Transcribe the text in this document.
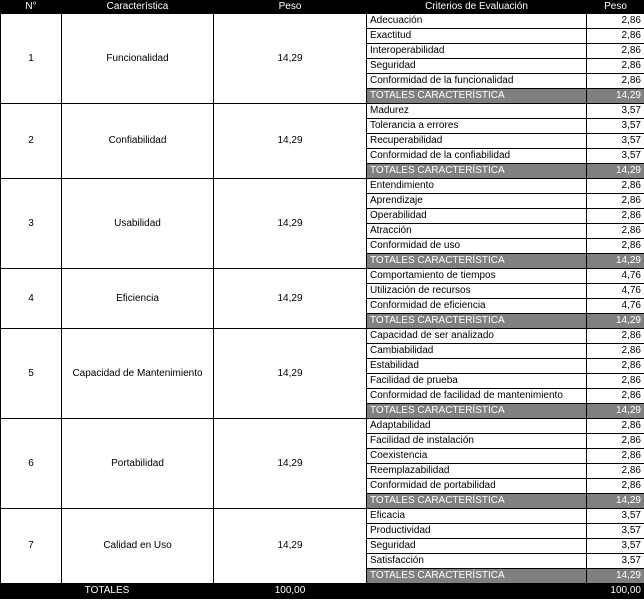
N°	Característica	Peso	Criterios de Evaluación	Peso
1	Funcionalidad	14,29	Adecuación	2,86
			Exactitud	2,86
			Interoperabilidad	2,86
			Seguridad	2,86
			Conformidad de la funcionalidad	2,86
			TOTALES CARACTERÍSTICA	14,29
2	Confiabilidad	14,29	Madurez	3,57
			Tolerancia a errores	3,57
			Recuperabilidad	3,57
			Conformidad de la confiabilidad	3,57
			TOTALES CARACTERÍSTICA	14,29
3	Usabilidad	14,29	Entendimiento	2,86
			Aprendizaje	2,86
			Operabilidad	2,86
			Atracción	2,86
			Conformidad de uso	2,86
			TOTALES CARACTERÍSTICA	14,29
4	Eficiencia	14,29	Comportamiento de tiempos	4,76
			Utilización de recursos	4,76
			Conformidad de eficiencia	4,76
			TOTALES CARACTERÍSTICA	14,29
5	Capacidad de Mantenimiento	14,29	Capacidad de ser analizado	2,86
			Cambiabilidad	2,86
			Estabilidad	2,86
			Facilidad de prueba	2,86
			Conformidad de facilidad de mantenimiento	2,86
			TOTALES CARACTERÍSTICA	14,29
6	Portabilidad	14,29	Adaptabilidad	2,86
			Facilidad de instalación	2,86
			Coexistencia	2,86
			Reemplazabilidad	2,86
			Conformidad de portabilidad	2,86
			TOTALES CARACTERÍSTICA	14,29
7	Calidad en Uso	14,29	Eficacia	3,57
			Productividad	3,57
			Seguridad	3,57
			Satisfacción	3,57
			TOTALES CARACTERÍSTICA	14,29
TOTALES		100,00		100,00
